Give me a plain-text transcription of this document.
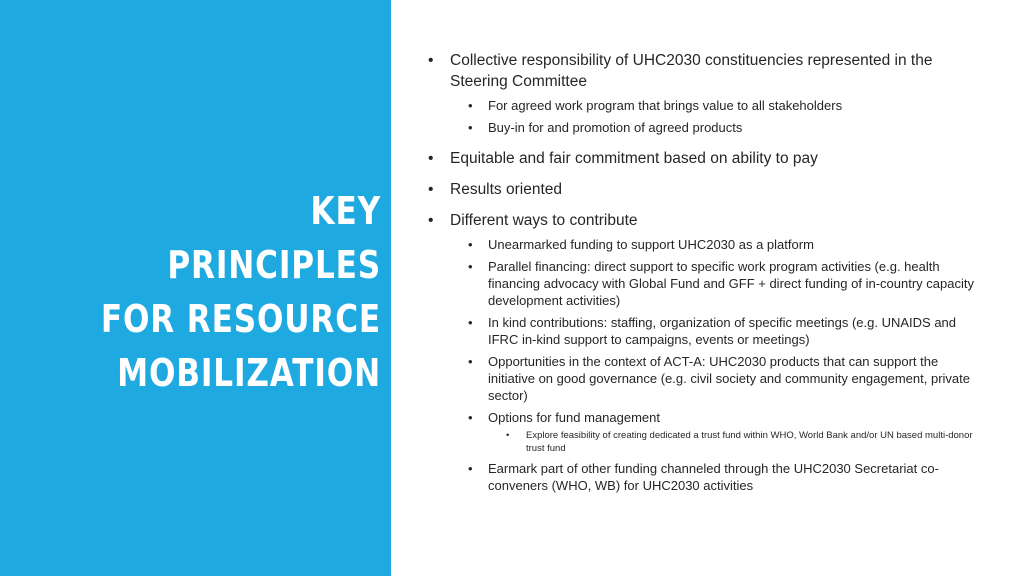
KEY
PRINCIPLES
FOR RESOURCE
MOBILIZATION
• Collective responsibility of UHC2030 constituencies represented in the Steering Committee
• For agreed work program that brings value to all stakeholders
• Buy-in for and promotion of agreed products
• Equitable and fair commitment based on ability to pay
• Results oriented
• Different ways to contribute
• Unearmarked funding to support UHC2030 as a platform
• Parallel financing: direct support to specific work program activities (e.g. health financing advocacy with Global Fund and GFF + direct funding of in-country capacity development activities)
• In kind contributions: staffing, organization of specific meetings (e.g. UNAIDS and IFRC in-kind support to campaigns, events or meetings)
• Opportunities in the context of ACT-A: UHC2030 products that can support the initiative on good governance (e.g. civil society and community engagement, private sector)
• Options for fund management
• Explore feasibility of creating dedicated a trust fund within WHO, World Bank and/or UN based multi-donor trust fund
• Earmark part of other funding channeled through the UHC2030 Secretariat co-conveners (WHO, WB) for UHC2030 activities
